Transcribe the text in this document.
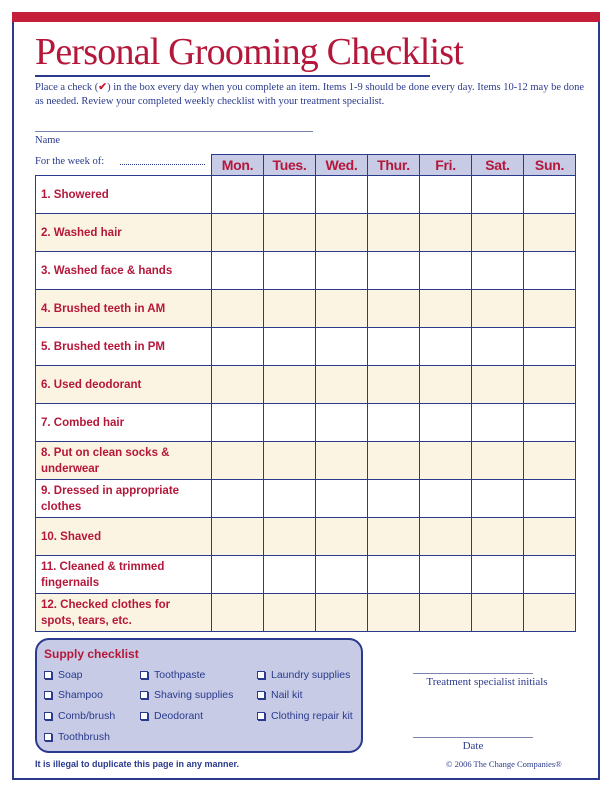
Personal Grooming Checklist
Place a check (✔) in the box every day when you complete an item. Items 1-9 should be done every day. Items 10-12 may be done as needed. Review your completed weekly checklist with your treatment specialist.
Name
For the week of:
		Mon.	Tues.	Wed.	Thur.	Fri.	Sat.	Sun.
1. Showered							
2. Washed hair							
3. Washed face & hands							
4. Brushed teeth in AM							
5. Brushed teeth in PM							
6. Used deodorant							
7. Combed hair							
8. Put on clean socks & underwear							
9. Dressed in appropriate clothes							
10. Shaved							
11. Cleaned & trimmed fingernails							
12. Checked clothes for spots, tears, etc.							
Supply checklist
Soap
Shampoo
Comb/brush
Toothbrush
Toothpaste
Shaving supplies
Deodorant
Laundry supplies
Nail kit
Clothing repair kit
Treatment specialist initials
Date
It is illegal to duplicate this page in any manner.	© 2006 The Change Companies®
